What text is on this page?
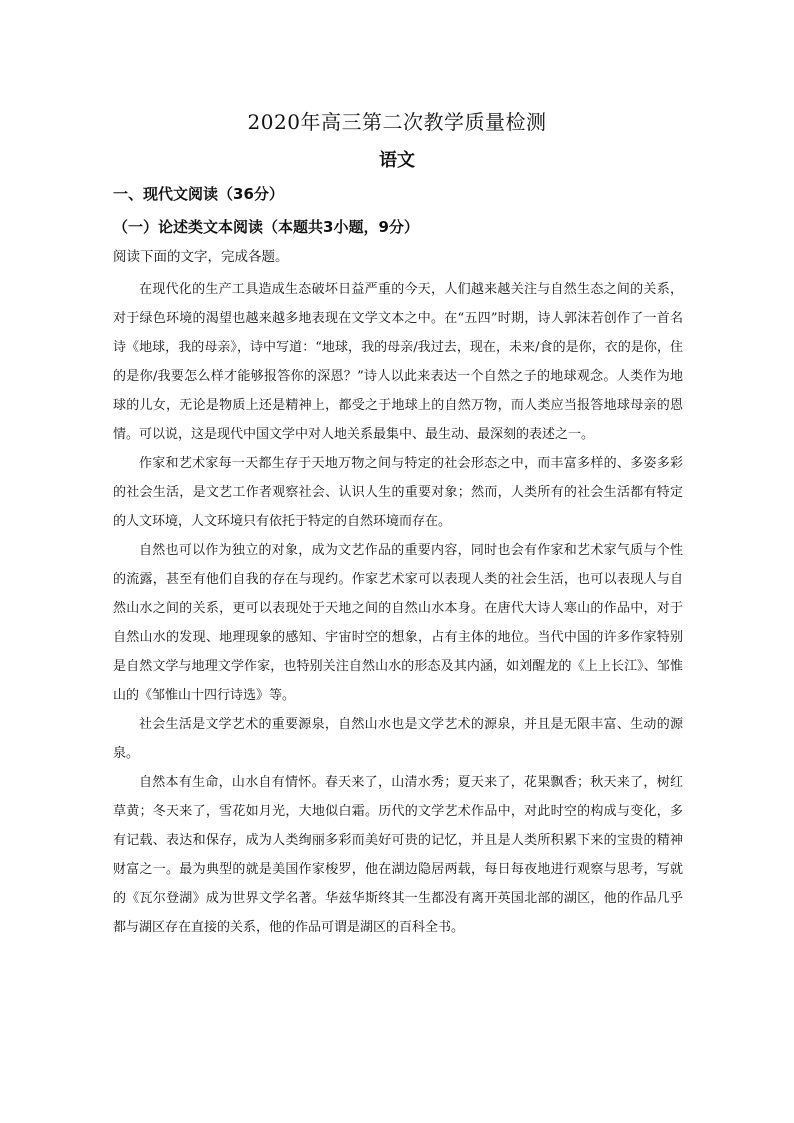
2020年高三第二次教学质量检测
语文
一、现代文阅读（36分）
（一）论述类文本阅读（本题共3小题，9分）
阅读下面的文字，完成各题。

在现代化的生产工具造成生态破坏日益严重的今天，人们越来越关注与自然生态之间的关系，对于绿色环境的渴望也越来越多地表现在文学文本之中。在“五四”时期，诗人郭沫若创作了一首名诗《地球，我的母亲》，诗中写道：“地球，我的母亲/我过去，现在，未来/食的是你，衣的是你，住的是你/我要怎么样才能够报答你的深恩？”诗人以此来表达一个自然之子的地球观念。人类作为地球的儿女，无论是物质上还是精神上，都受之于地球上的自然万物，而人类应当报答地球母亲的恩情。可以说，这是现代中国文学中对人地关系最集中、最生动、最深刻的表述之一。

作家和艺术家每一天都生存于天地万物之间与特定的社会形态之中，而丰富多样的、多姿多彩的社会生活，是文艺工作者观察社会、认识人生的重要对象；然而，人类所有的社会生活都有特定的人文环境，人文环境只有依托于特定的自然环境而存在。

自然也可以作为独立的对象，成为文艺作品的重要内容，同时也会有作家和艺术家气质与个性的流露，甚至有他们自我的存在与现约。作家艺术家可以表现人类的社会生活，也可以表现人与自然山水之间的关系，更可以表现处于天地之间的自然山水本身。在唐代大诗人寒山的作品中，对于自然山水的发现、地理现象的感知、宇宙时空的想象，占有主体的地位。当代中国的许多作家特别是自然文学与地理文学作家，也特别关注自然山水的形态及其内涵，如刘醒龙的《上上长江》、邹惟山的《邹惟山十四行诗选》等。

社会生活是文学艺术的重要源泉，自然山水也是文学艺术的源泉，并且是无限丰富、生动的源泉。

自然本有生命，山水自有情怀。春天来了，山清水秀；夏天来了，花果飘香；秋天来了，树红草黄；冬天来了，雪花如月光，大地似白霜。历代的文学艺术作品中，对此时空的构成与变化，多有记载、表达和保存，成为人类绚丽多彩而美好可贵的记忆，并且是人类所积累下来的宝贵的精神财富之一。最为典型的就是美国作家梭罗，他在湖边隐居两载，每日每夜地进行观察与思考，写就的《瓦尔登湖》成为世界文学名著。华兹华斯终其一生都没有离开英国北部的湖区，他的作品几乎都与湖区存在直接的关系，他的作品可谓是湖区的百科全书。
